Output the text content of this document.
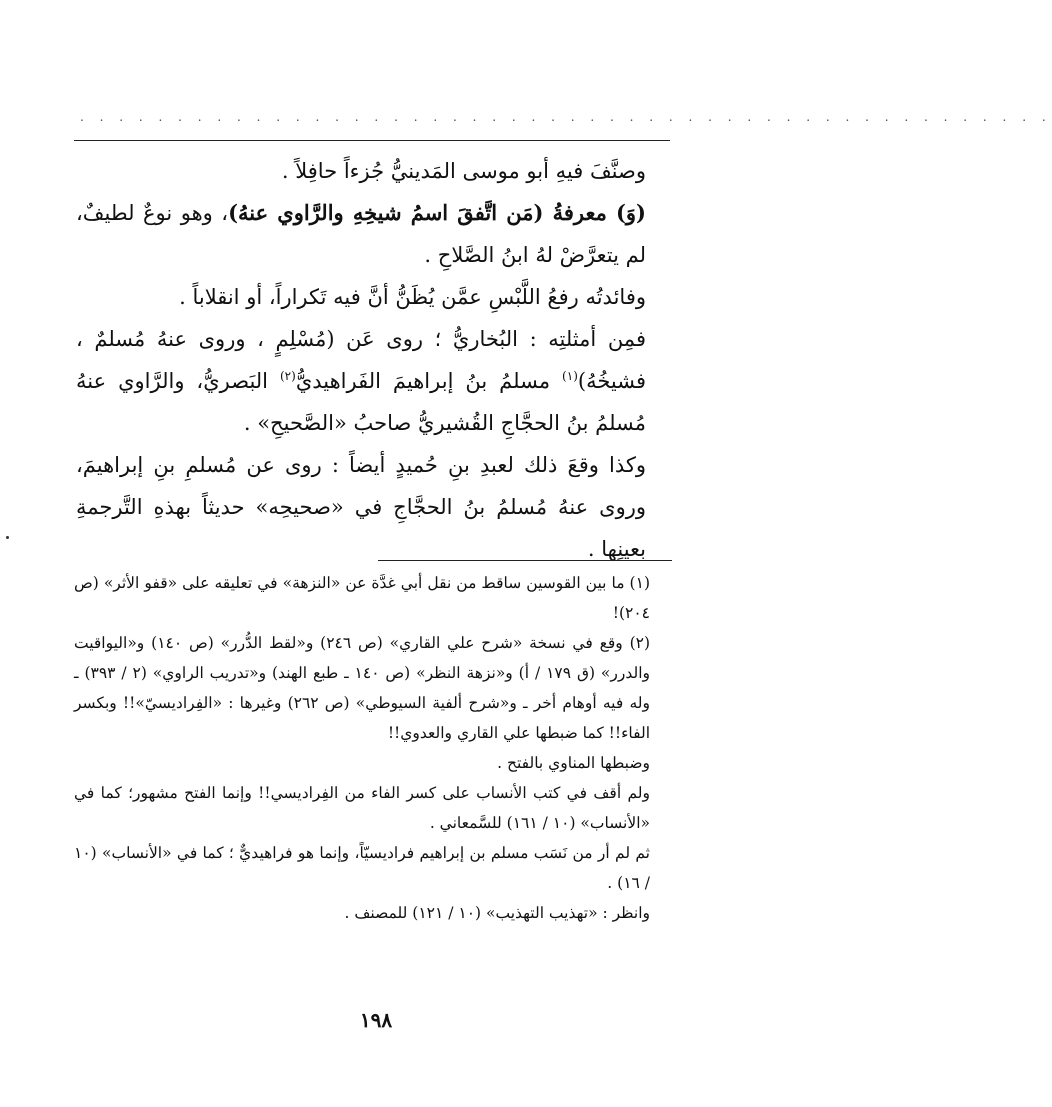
. . . . . . . . . . . . . . . . . . . . . . . . . . . . . . . . . . . . . . . . . . . . . . . . . .

وصنَّفَ فيهِ أبو موسى المَدينيُّ جُزءاً حافِلاً .

(وَ) معرفةُ (مَن اتَّفقَ اسمُ شيخِهِ والرَّاوي عنهُ)، وهو نوعٌ لطيفٌ، لم يتعرَّضْ لهُ ابنُ الصَّلاحِ .

وفائدتُه رفعُ اللَّبْسِ عمَّن يُظَنُّ أنَّ فيه تَكراراً، أو انقلاباً .

فمِن أمثلتِه : البُخاريُّ ؛ روى عَن (مُسْلِمٍ ، وروى عنهُ مُسلمٌ ، فشيخُهُ)$^{(١)}$ مسلمُ بنُ إبراهيمَ الفَراهيديُّ$^{(٢)}$ البَصريُّ، والرَّاوي عنهُ مُسلمُ بنُ الحجَّاجِ القُشيريُّ صاحبُ «الصَّحيحِ» .

وكذا وقعَ ذلك لعبدِ بنِ حُميدٍ أيضاً : روى عن مُسلمِ بنِ إبراهيمَ، وروى عنهُ مُسلمُ بنُ الحجَّاجِ في «صحيحِه» حديثاً بهذهِ التَّرجمةِ بعينِها .

(١) ما بين القوسين ساقط من نقل أبي غدَّة عن «النزهة» في تعليقه على «قفو الأثر» (ص ٢٠٤)!

(٢) وقع في نسخة «شرح علي القاري» (ص ٢٤٦) و«لقط الدُّرر» (ص ١٤٠) و«اليواقيت والدرر» (ق ١٧٩ / أ) و«نزهة النظر» (ص ١٤٠ ـ طبع الهند) و«تدريب الراوي» (٢ / ٣٩٣) ـ وله فيه أوهام أخر ـ و«شرح ألفية السيوطي» (ص ٢٦٢) وغيرها : «الفِراديسيّ»!! وبكسر الفاء!! كما ضبطها علي القاري والعدوي!!

وضبطها المناوي بالفتح .

ولم أقف في كتب الأنساب على كسر الفاء من الفِراديسي!! وإنما الفتح مشهور؛ كما في «الأنساب» (١٠ / ١٦١) للسَّمعاني .

ثم لم أر من نَسَب مسلم بن إبراهيم فراديسيّاً، وإنما هو فراهيديٌّ ؛ كما في «الأنساب» (١٠ / ١٦) .

وانظر : «تهذيب التهذيب» (١٠ / ١٢١) للمصنف .

١٩٨
